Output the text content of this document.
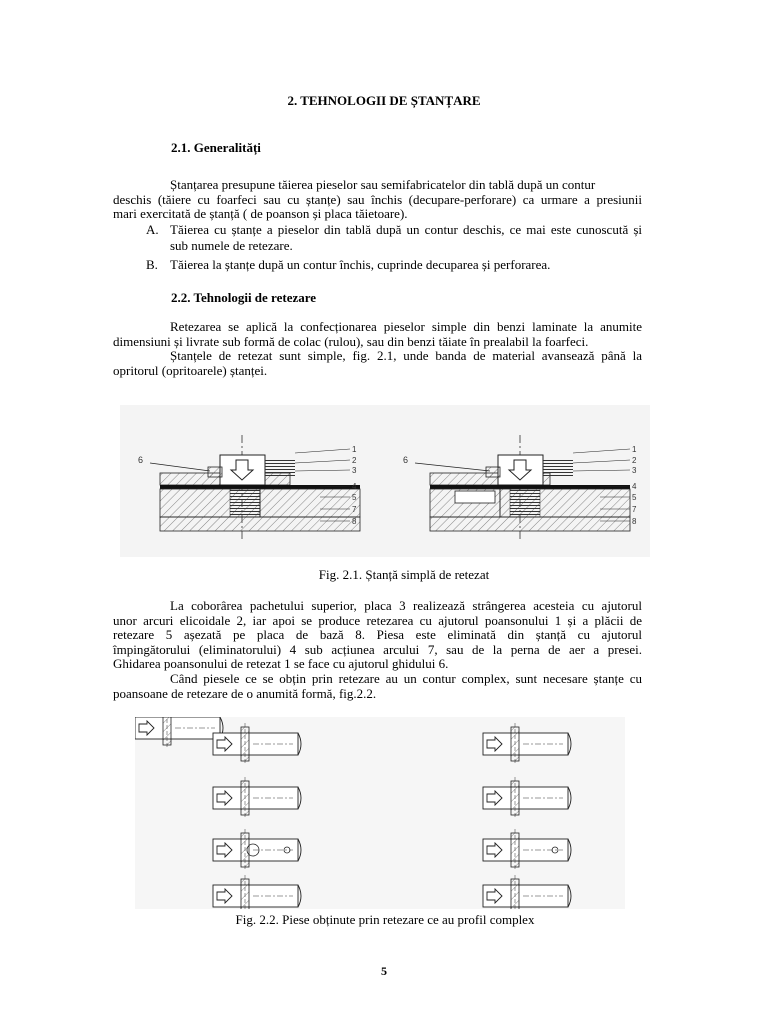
2. TEHNOLOGII DE ȘTANȚARE
2.1. Generalități
Ștanțarea presupune tăierea pieselor sau semifabricatelor din tablă după un contur
deschis (tăiere cu foarfeci sau cu ștanțe) sau închis (decupare-perforare) ca urmare a presiunii
mari exercitată de ștanță ( de poanson și placa tăietoare).
A. Tăierea cu ștanțe a pieselor din tablă după un contur deschis, ce mai este cunoscută și
sub numele de retezare.
B. Tăierea la ștanțe după un contur închis, cuprinde decuparea și perforarea.
2.2. Tehnologii de retezare
Retezarea se aplică la confecționarea pieselor simple din benzi laminate la anumite
dimensiuni și livrate sub formă de colac (rulou), sau din benzi tăiate în prealabil la foarfeci.
Ștanțele de retezat sunt simple, fig. 2.1, unde banda de material avansează până la
opritorul (opritoarele) ștanței.
6
1
2
3
4
5
7
8
6
1
2
3
4
5
7
8
Fig. 2.1. Ștanță simplă de retezat
La coborârea pachetului superior, placa 3 realizează strângerea acesteia cu ajutorul
unor arcuri elicoidale 2, iar apoi se produce retezarea cu ajutorul poansonului 1 și a plăcii de
retezare 5 așezată pe placa de bază 8. Piesa este eliminată din ștanță cu ajutorul
împingătorului (eliminatorului) 4 sub acțiunea arcului 7, sau de la perna de aer a presei.
Ghidarea poansonului de retezat 1 se face cu ajutorul ghidului 6.
Când piesele ce se obțin prin retezare au un contur complex, sunt necesare ștanțe cu
poansoane de retezare de o anumită formă, fig.2.2.
Fig. 2.2. Piese obținute prin retezare ce au profil complex
5
